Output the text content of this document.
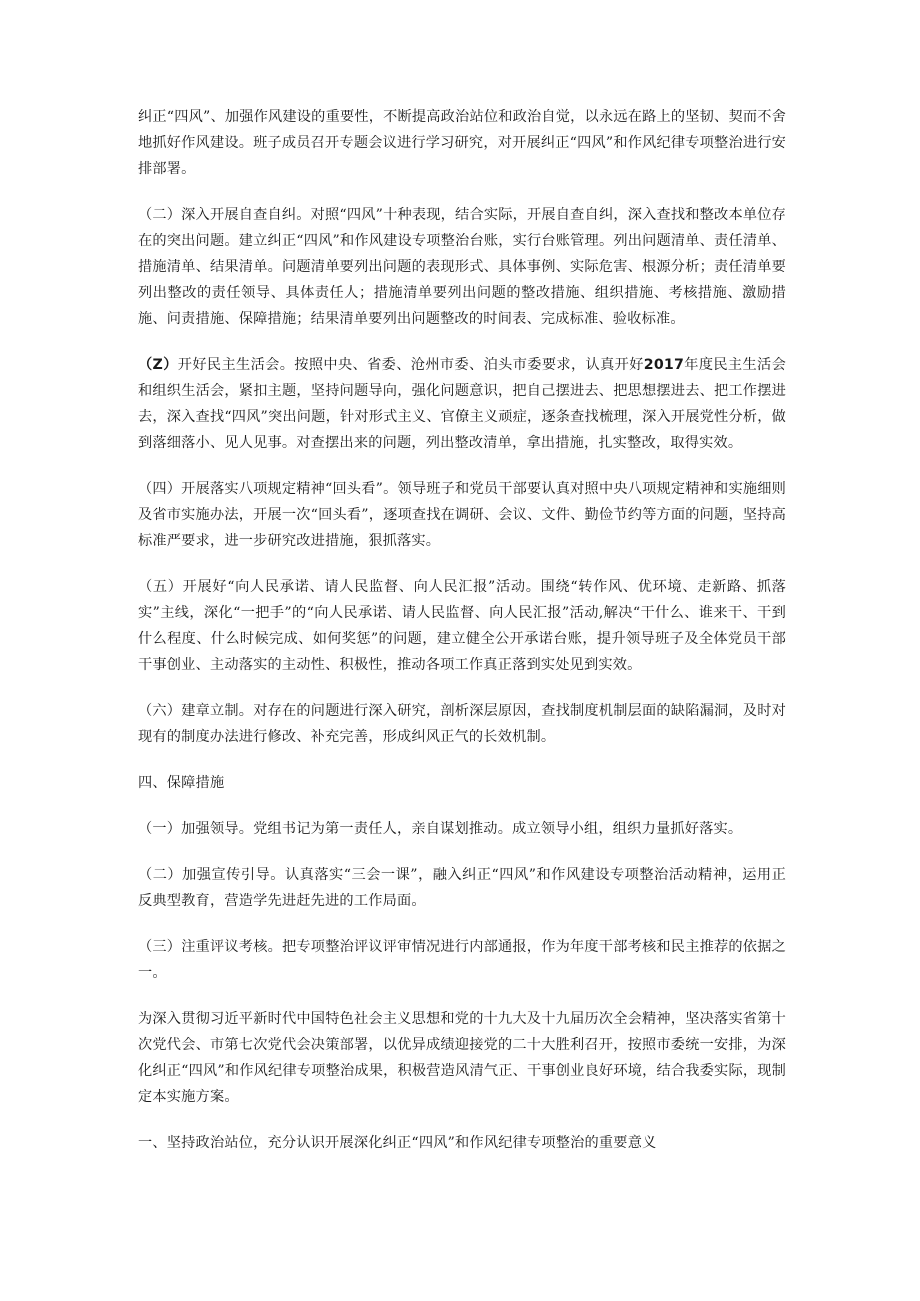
纠正“四风”、加强作风建设的重要性，不断提高政治站位和政治自觉，以永远在路上的坚韧、契而不舍地抓好作风建设。班子成员召开专题会议进行学习研究，对开展纠正“四风”和作风纪律专项整治进行安排部署。

（二）深入开展自查自纠。对照“四风”十种表现，结合实际，开展自查自纠，深入查找和整改本单位存在的突出问题。建立纠正“四风”和作风建设专项整治台账，实行台账管理。列出问题清单、责任清单、措施清单、结果清单。问题清单要列出问题的表现形式、具体事例、实际危害、根源分析；责任清单要列出整改的责任领导、具体责任人；措施清单要列出问题的整改措施、组织措施、考核措施、激励措施、问责措施、保障措施；结果清单要列出问题整改的时间表、完成标准、验收标准。

（Z）开好民主生活会。按照中央、省委、沧州市委、泊头市委要求，认真开好2017年度民主生活会和组织生活会，紧扣主题，坚持问题导向，强化问题意识，把自己摆进去、把思想摆进去、把工作摆进去，深入查找“四风”突出问题，针对形式主义、官僚主义顽症，逐条查找梳理，深入开展党性分析，做到落细落小、见人见事。对查摆出来的问题，列出整改清单，拿出措施，扎实整改，取得实效。

（四）开展落实八项规定精神“回头看”。领导班子和党员干部要认真对照中央八项规定精神和实施细则及省市实施办法，开展一次“回头看”，逐项查找在调研、会议、文件、勤俭节约等方面的问题，坚持高标准严要求，进一步研究改进措施，狠抓落实。

（五）开展好“向人民承诺、请人民监督、向人民汇报”活动。围绕“转作风、优环境、走新路、抓落实”主线，深化“一把手”的“向人民承诺、请人民监督、向人民汇报”活动,解决“干什么、谁来干、干到什么程度、什么时候完成、如何奖惩”的问题，建立健全公开承诺台账，提升领导班子及全体党员干部干事创业、主动落实的主动性、积极性，推动各项工作真正落到实处见到实效。

（六）建章立制。对存在的问题进行深入研究，剖析深层原因，查找制度机制层面的缺陷漏洞，及时对现有的制度办法进行修改、补充完善，形成纠风正气的长效机制。

四、保障措施

（一）加强领导。党组书记为第一责任人，亲自谋划推动。成立领导小组，组织力量抓好落实。

（二）加强宣传引导。认真落实“三会一课”，融入纠正“四风”和作风建设专项整治活动精神，运用正反典型教育，营造学先进赶先进的工作局面。

（三）注重评议考核。把专项整治评议评审情况进行内部通报，作为年度干部考核和民主推荐的依据之一。

为深入贯彻习近平新时代中国特色社会主义思想和党的十九大及十九届历次全会精神，坚决落实省第十次党代会、市第七次党代会决策部署，以优异成绩迎接党的二十大胜利召开，按照市委统一安排，为深化纠正“四风”和作风纪律专项整治成果，积极营造风清气正、干事创业良好环境，结合我委实际，现制定本实施方案。

一、坚持政治站位，充分认识开展深化纠正“四风”和作风纪律专项整治的重要意义
